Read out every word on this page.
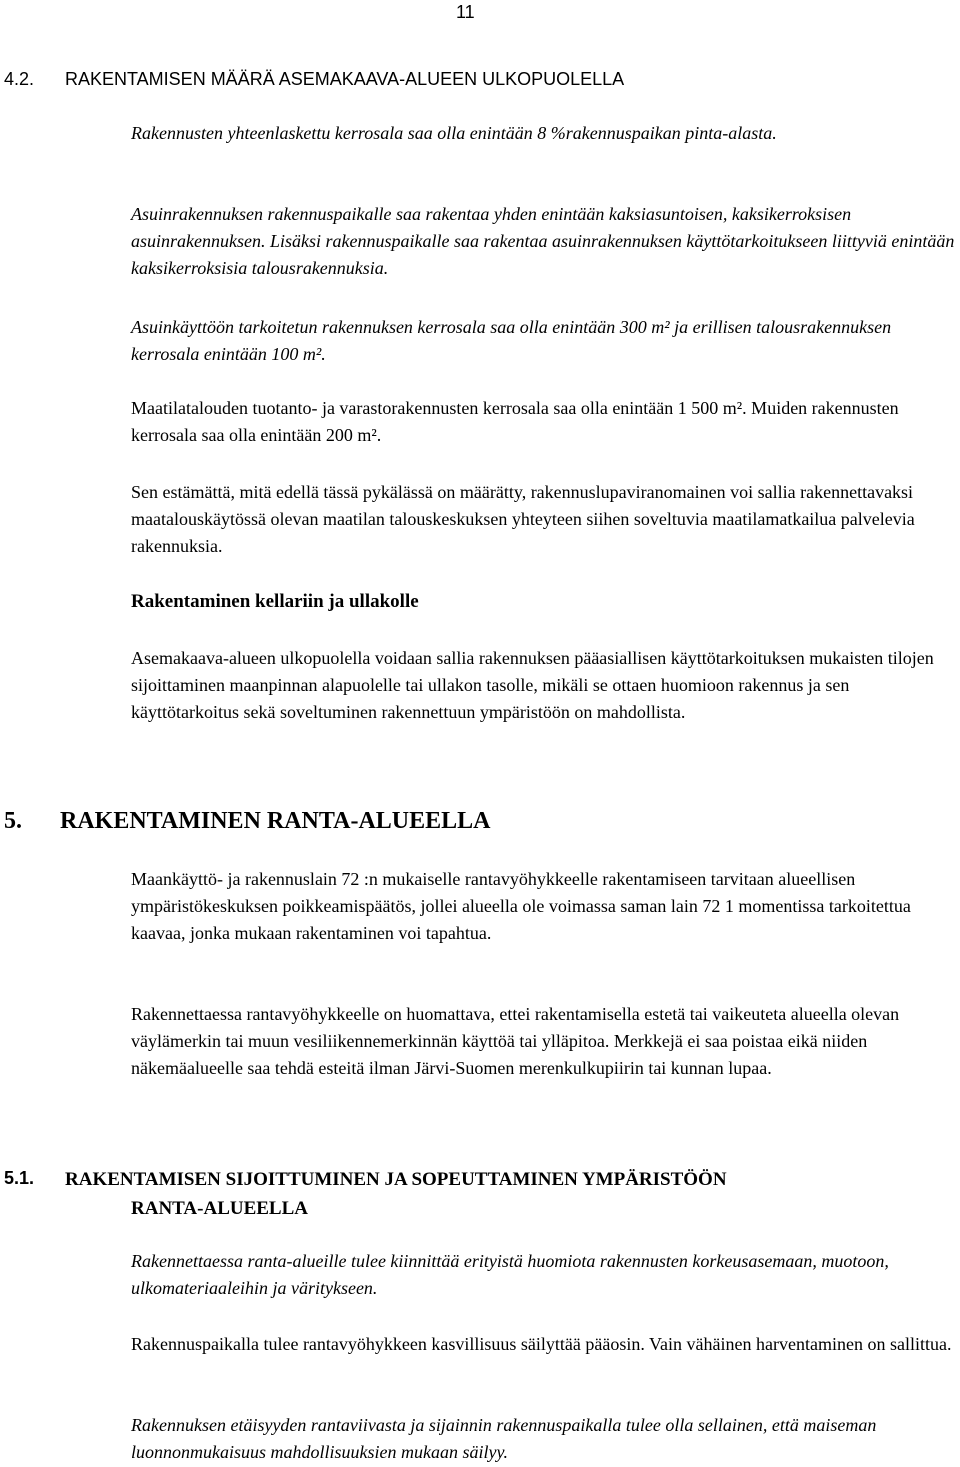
11
4.2. RAKENTAMISEN MÄÄRÄ ASEMAKAAVA-ALUEEN ULKOPUOLELLA

Rakennusten yhteenlaskettu kerrosala saa olla enintään 8 %rakennuspaikan pinta-alasta.

Asuinrakennuksen rakennuspaikalle saa rakentaa yhden enintään kaksiasuntoisen, kaksikerroksisen asuinrakennuksen. Lisäksi rakennuspaikalle saa rakentaa asuinrakennuksen käyttötarkoitukseen liittyviä enintään kaksikerroksisia talousrakennuksia.

Asuinkäyttöön tarkoitetun rakennuksen kerrosala saa olla enintään 300 m² ja erillisen talousrakennuksen kerrosala enintään 100 m².

Maatilatalouden tuotanto- ja varastorakennusten kerrosala saa olla enintään 1 500 m². Muiden rakennusten kerrosala saa olla enintään 200 m².

Sen estämättä, mitä edellä tässä pykälässä on määrätty, rakennuslupaviranomainen voi sallia rakennettavaksi maatalouskäytössä olevan maatilan talouskeskuksen yhteyteen siihen soveltuvia maatilamatkailua palvelevia rakennuksia.

Rakentaminen kellariin ja ullakolle

Asemakaava-alueen ulkopuolella voidaan sallia rakennuksen pääasiallisen käyttötarkoituksen mukaisten tilojen sijoittaminen maanpinnan alapuolelle tai ullakon tasolle, mikäli se ottaen huomioon rakennus ja sen käyttötarkoitus sekä soveltuminen rakennettuun ympäristöön on mahdollista.

5. RAKENTAMINEN RANTA-ALUEELLA

Maankäyttö- ja rakennuslain 72 :n mukaiselle rantavyöhykkeelle rakentamiseen tarvitaan alueellisen ympäristökeskuksen poikkeamispäätös, jollei alueella ole voimassa saman lain 72 1 momentissa tarkoitettua kaavaa, jonka mukaan rakentaminen voi tapahtua.

Rakennettaessa rantavyöhykkeelle on huomattava, ettei rakentamisella estetä tai vaikeuteta alueella olevan väylämerkin tai muun vesiliikennemerkinnän käyttöä tai ylläpitoa. Merkkejä ei saa poistaa eikä niiden näkemäalueelle saa tehdä esteitä ilman Järvi-Suomen merenkulkupiirin tai kunnan lupaa.

5.1. RAKENTAMISEN SIJOITTUMINEN JA SOPEUTTAMINEN YMPÄRISTÖÖN
RANTA-ALUEELLA

Rakennettaessa ranta-alueille tulee kiinnittää erityistä huomiota rakennusten korkeusasemaan, muotoon, ulkomateriaaleihin ja väritykseen.

Rakennuspaikalla tulee rantavyöhykkeen kasvillisuus säilyttää pääosin. Vain vähäinen harventaminen on sallittua.

Rakennuksen etäisyyden rantaviivasta ja sijainnin rakennuspaikalla tulee olla sellainen, että maiseman luonnonmukaisuus mahdollisuuksien mukaan säilyy.
